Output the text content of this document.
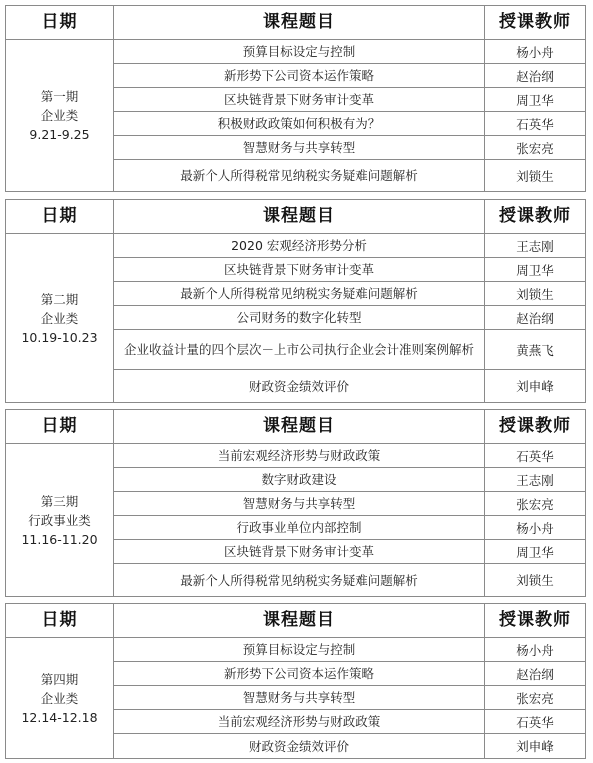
日期	课程题目	授课教师
第一期
企业类
9.21-9.25
预算目标设定与控制	杨小舟
新形势下公司资本运作策略	赵治纲
区块链背景下财务审计变革	周卫华
积极财政政策如何积极有为？	石英华
智慧财务与共享转型	张宏亮
最新个人所得税常见纳税实务疑难问题解析	刘锁生
日期	课程题目	授课教师
第二期
企业类
10.19-10.23
2020 宏观经济形势分析	王志刚
区块链背景下财务审计变革	周卫华
最新个人所得税常见纳税实务疑难问题解析	刘锁生
公司财务的数字化转型	赵治纲
企业收益计量的四个层次－上市公司执行企业会计准则案例解析	黄燕飞
财政资金绩效评价	刘申峰
日期	课程题目	授课教师
第三期
行政事业类
11.16-11.20
当前宏观经济形势与财政政策	石英华
数字财政建设	王志刚
智慧财务与共享转型	张宏亮
行政事业单位内部控制	杨小舟
区块链背景下财务审计变革	周卫华
最新个人所得税常见纳税实务疑难问题解析	刘锁生
日期	课程题目	授课教师
第四期
企业类
12.14-12.18
预算目标设定与控制	杨小舟
新形势下公司资本运作策略	赵治纲
智慧财务与共享转型	张宏亮
当前宏观经济形势与财政政策	石英华
财政资金绩效评价	刘申峰
